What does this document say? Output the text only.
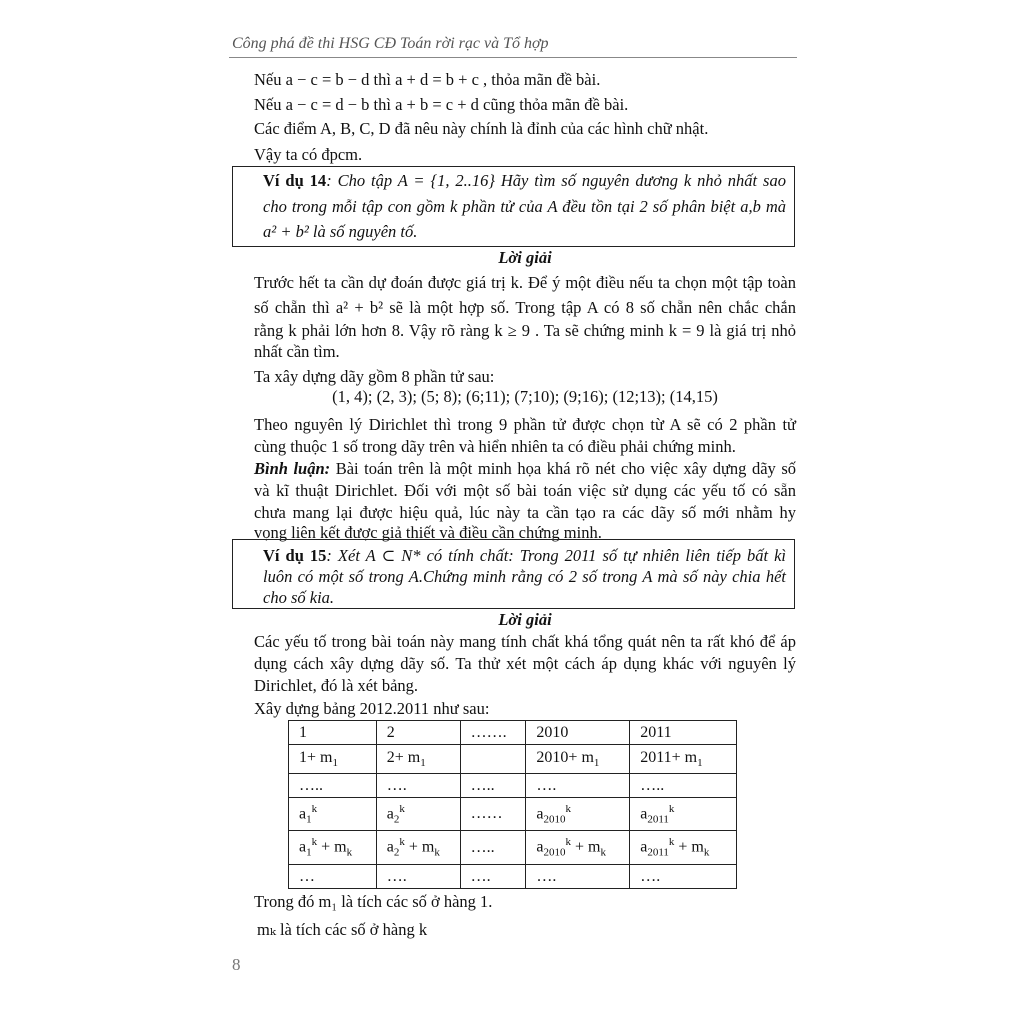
Công phá đề thi HSG CĐ Toán rời rạc và Tổ hợp
Nếu a − c = b − d thì a + d = b + c , thỏa mãn đề bài.
Nếu a − c = d − b thì a + b = c + d cũng thỏa mãn đề bài.
Các điểm A, B, C, D đã nêu này chính là đỉnh của các hình chữ nhật.
Vậy ta có đpcm.
Ví dụ 14: Cho tập A = {1, 2..16} Hãy tìm số nguyên dương k nhỏ nhất sao
cho trong mỗi tập con gồm k phần tử của A đều tồn tại 2 số phân biệt a,b mà
a² + b² là số nguyên tố.
Lời giải
Trước hết ta cần dự đoán được giá trị k. Để ý một điều nếu ta chọn một tập toàn
số chẵn thì a² + b² sẽ là một hợp số. Trong tập A có 8 số chẵn nên chắc chắn
rằng k phải lớn hơn 8. Vậy rõ ràng k ≥ 9 . Ta sẽ chứng minh k = 9 là giá trị nhỏ
nhất cần tìm.
Ta xây dựng dãy gồm 8 phần tử sau:
(1, 4); (2, 3); (5; 8); (6;11); (7;10); (9;16); (12;13); (14,15)
Theo nguyên lý Dirichlet thì trong 9 phần tử được chọn từ A sẽ có 2 phần tử
cùng thuộc 1 số trong dãy trên và hiển nhiên ta có điều phải chứng minh.
Bình luận: Bài toán trên là một minh họa khá rõ nét cho việc xây dựng dãy số
và kĩ thuật Dirichlet. Đối với một số bài toán việc sử dụng các yếu tố có sẵn
chưa mang lại được hiệu quả, lúc này ta cần tạo ra các dãy số mới nhằm hy
vọng liên kết được giả thiết và điều cần chứng minh.
Ví dụ 15: Xét A ⊂ N* có tính chất: Trong 2011 số tự nhiên liên tiếp bất kì
luôn có một số trong A.Chứng minh rằng có 2 số trong A mà số này chia hết
cho số kia.
Lời giải
Các yếu tố trong bài toán này mang tính chất khá tổng quát nên ta rất khó để áp
dụng cách xây dựng dãy số. Ta thử xét một cách áp dụng khác với nguyên lý
Dirichlet, đó là xét bảng.
Xây dựng bảng 2012.2011 như sau:
1	2	…….	2010	2011
$1+ m_1$	$2+ m_1$		$2010+ m_1$	$2011+ m_1$
…..	….	…..	….	…..
$a_1^k$	$a_2^k$	……	$a_{2010}^k$	$a_{2011}^k$
$a_1^k + m_k$	$a_2^k + m_k$	…..	$a_{2010}^k + m_k$	$a_{2011}^k + m_k$
…	….	….	….	….
Trong đó m₁ là tích các số ở hàng 1.
mₖ là tích các số ở hàng k
8
